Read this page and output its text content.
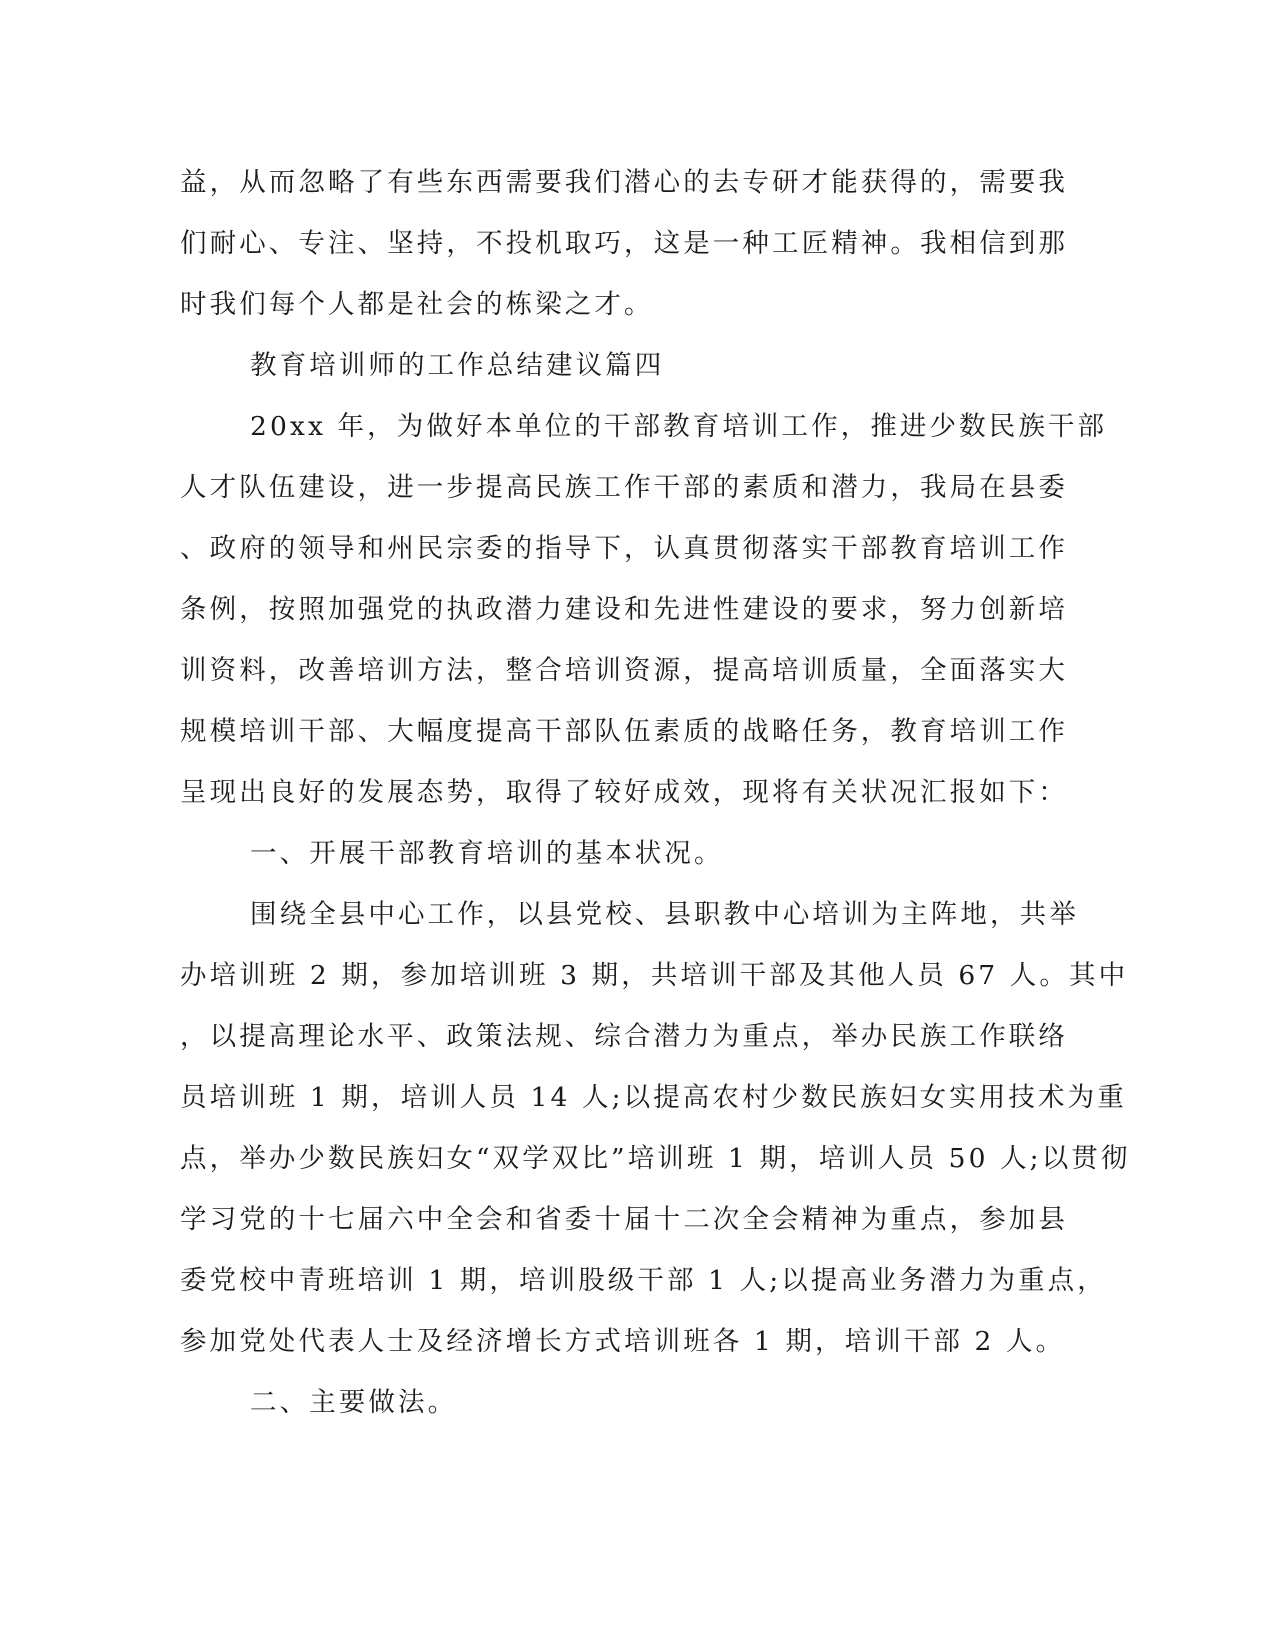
益，从而忽略了有些东西需要我们潜心的去专研才能获得的，需要我
们耐心、专注、坚持，不投机取巧，这是一种工匠精神。我相信到那
时我们每个人都是社会的栋梁之才。
教育培训师的工作总结建议篇四
20xx 年，为做好本单位的干部教育培训工作，推进少数民族干部
人才队伍建设，进一步提高民族工作干部的素质和潜力，我局在县委
、政府的领导和州民宗委的指导下，认真贯彻落实干部教育培训工作
条例，按照加强党的执政潜力建设和先进性建设的要求，努力创新培
训资料，改善培训方法，整合培训资源，提高培训质量，全面落实大
规模培训干部、大幅度提高干部队伍素质的战略任务，教育培训工作
呈现出良好的发展态势，取得了较好成效，现将有关状况汇报如下：
一、开展干部教育培训的基本状况。
围绕全县中心工作，以县党校、县职教中心培训为主阵地，共举
办培训班 2 期，参加培训班 3 期，共培训干部及其他人员 67 人。其中
，以提高理论水平、政策法规、综合潜力为重点，举办民族工作联络
员培训班 1 期，培训人员 14 人;以提高农村少数民族妇女实用技术为重
点，举办少数民族妇女“双学双比”培训班 1 期，培训人员 50 人;以贯彻
学习党的十七届六中全会和省委十届十二次全会精神为重点，参加县
委党校中青班培训 1 期，培训股级干部 1 人;以提高业务潜力为重点，
参加党处代表人士及经济增长方式培训班各 1 期，培训干部 2 人。
二、主要做法。
